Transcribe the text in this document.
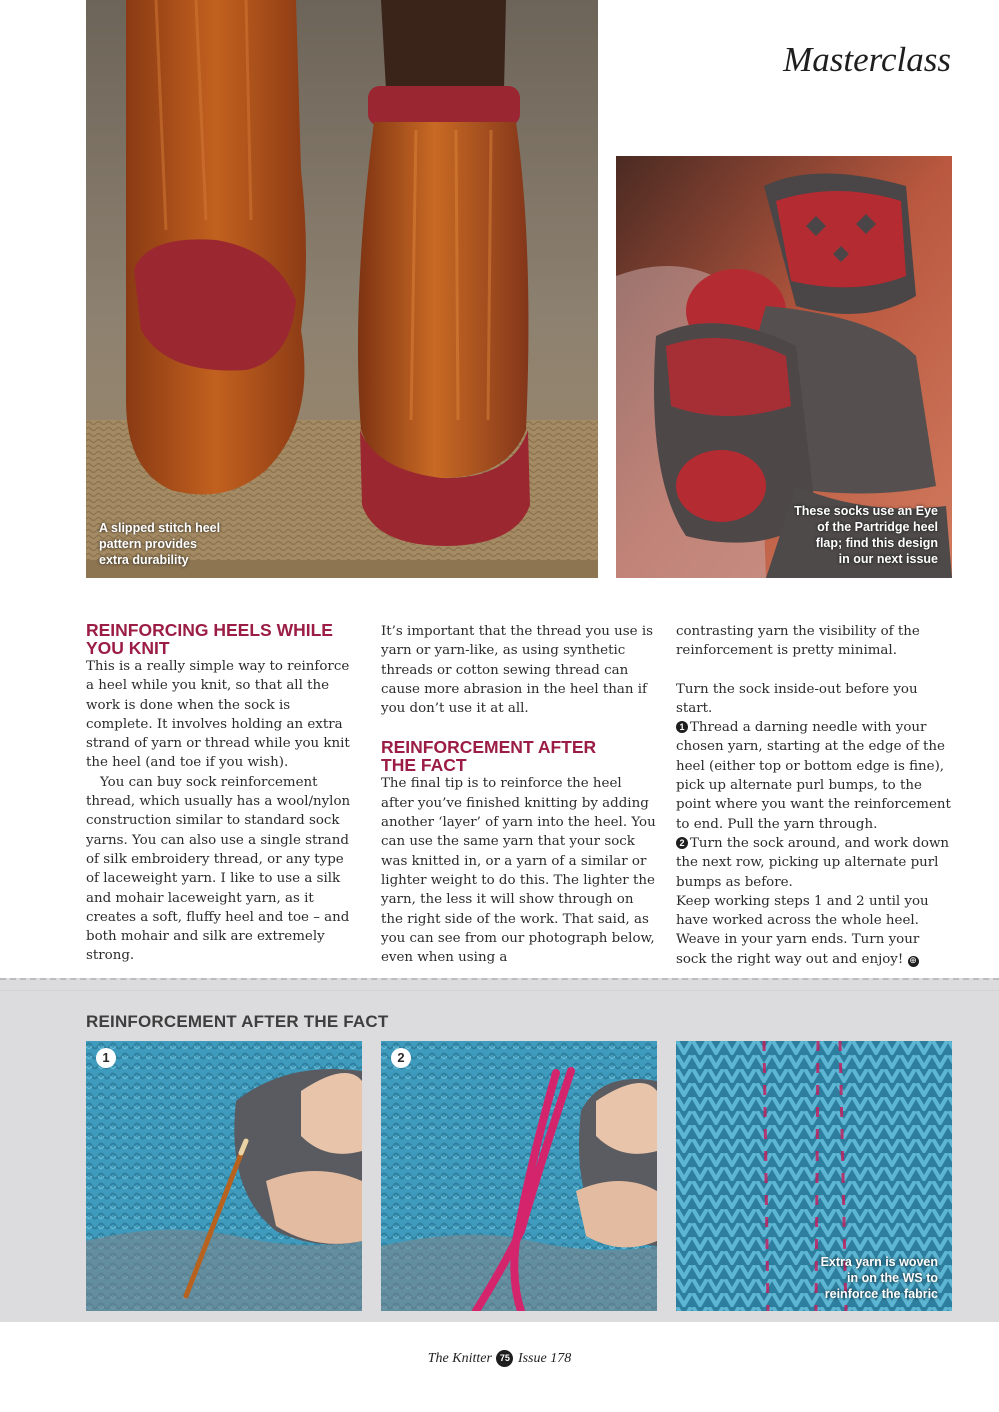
Masterclass
A slipped stitch heel
pattern provides
extra durability
These socks use an Eye
of the Partridge heel
flap; find this design
in our next issue
REINFORCING HEELS WHILE
YOU KNIT

This is a really simple way to reinforce a heel while you knit, so that all the work is done when the sock is complete. It involves holding an extra strand of yarn or thread while you knit the heel (and toe if you wish).

You can buy sock reinforcement thread, which usually has a wool/nylon construction similar to standard sock yarns. You can also use a single strand of silk embroidery thread, or any type of laceweight yarn. I like to use a silk and mohair laceweight yarn, as it creates a soft, fluffy heel and toe – and both mohair and silk are extremely strong.

It’s important that the thread you use is yarn or yarn-like, as using synthetic threads or cotton sewing thread can cause more abrasion in the heel than if you don’t use it at all.

REINFORCEMENT AFTER
THE FACT

The final tip is to reinforce the heel after you’ve finished knitting by adding another ‘layer’ of yarn into the heel. You can use the same yarn that your sock was knitted in, or a yarn of a similar or lighter weight to do this. The lighter the yarn, the less it will show through on the right side of the work. That said, as you can see from our photograph below, even when using a

contrasting yarn the visibility of the reinforcement is pretty minimal.

Turn the sock inside-out before you start.

1 Thread a darning needle with your chosen yarn, starting at the edge of the heel (either top or bottom edge is fine), pick up alternate purl bumps, to the point where you want the reinforcement to end. Pull the yarn through.

2 Turn the sock around, and work down the next row, picking up alternate purl bumps as before.

Keep working steps 1 and 2 until you have worked across the whole heel. Weave in your yarn ends. Turn your sock the right way out and enjoy! ⊕

REINFORCEMENT AFTER THE FACT
1	2
Extra yarn is woven
in on the WS to
reinforce the fabric
The Knitter 75 Issue 178
